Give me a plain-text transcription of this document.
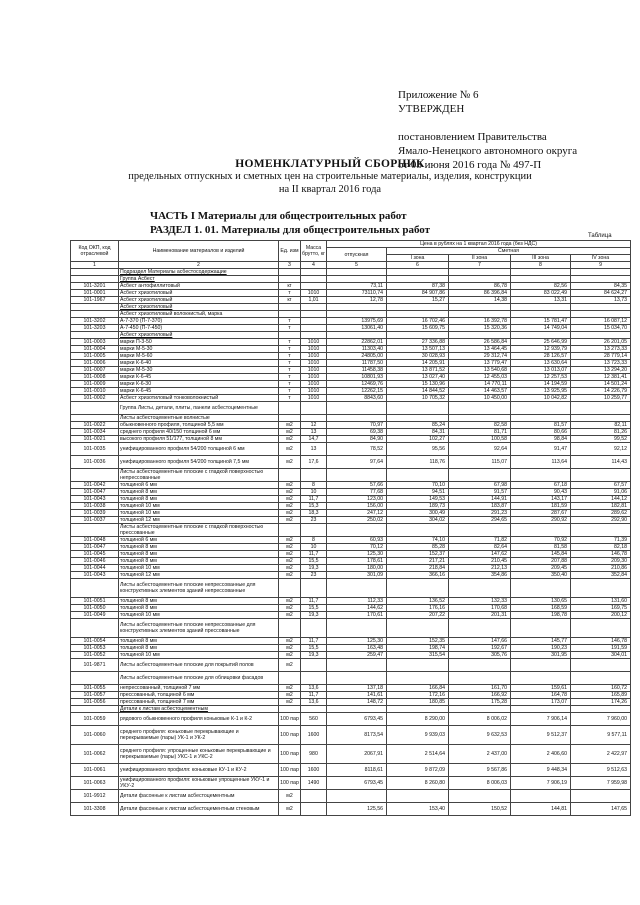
Приложение № 6
УТВЕРЖДЕН
постановлением Правительства
Ямало-Ненецкого автономного округа
от 03 июня 2016 года № 497-П
НОМЕНКЛАТУРНЫЙ СБОРНИК
предельных отпускных и сметных цен на строительные материалы, изделия, конструкции
на II квартал 2016 года
ЧАСТЬ I Материалы для общестроительных работ
РАЗДЕЛ 1. 01. Материалы для общестроительных работ	Таблица
Код ОКП, код отраслевой	Наименование материалов и изделий	Ед. изм	Масса брутто, кг	Цена в рублях на 1 квартал 2016 года (без НДС)				
				отпускная	Сметная			
					I зона	II зона	III зона	IV зона
1	2	3	4	5	6	7	8	9
	Подраздел Материалы асбестосодержащие							
	Группа Асбест							
101-3201	Асбест антофиллитовый	кг		73,11	87,38	86,78	82,56	84,35
101-0001	Асбест хризотиловый	т	1010	73110,74	84 907,86	86 396,84	83 022,49	84 624,27
101-1967	Асбест хризотиловый	кг	1,01	12,78	15,27	14,38	13,31	13,73
	Асбест хризотиловый							
	Асбест хризотиловый волокнистый, марка							
101-3202	А-7-370 (П-7-370)	т		13975,69	16 702,46	16 392,78	15 781,47	16 087,12
101-3203	А-7-450 (П-7-450)	т		13061,40	15 609,75	15 320,36	14 749,04	15 034,70
	Асбест хризотиловый							
101-0003	марки П-3-50	т	1010	22862,01	27 336,88	26 586,84	25 646,99	26 201,05
101-0004	марки М-5-30	т	1010	11303,40	13 507,13	13 464,45	12 939,79	13 273,33
101-0005	марки М-5-60	т	1010	24805,00	30 028,93	29 312,74	28 126,57	28 779,14
101-0006	марки К-6-40	т	1010	11787,50	14 205,91	13 779,47	13 630,64	13 723,33
101-0007	марки М-5-30	т	1010	11458,38	13 871,52	13 540,68	13 013,07	13 294,20
101-0008	марки К-6-45	т	1010	10801,93	13 027,40	12 455,03	12 257,53	12 381,41
101-0009	марки К-6-30	т	1010	12469,76	15 130,96	14 770,11	14 194,59	14 501,24
101-0010	марки К-6-45	т	1010	12262,15	14 844,52	14 463,57	13 925,95	14 226,79
101-0002	Асбест хризотиловый тонковолокнистый	т	1010	8843,60	10 705,32	10 450,00	10 042,82	10 259,77
	Группа Листы, детали, плиты, панели асбестоцементные							
	Листы асбестоцементные волнистые							
101-0022	обыкновенного профиля, толщиной 5,5 мм	м2	12	70,97	85,24	82,58	81,57	82,11
101-0034	среднего профиля 40/150 толщиной 6 мм	м2	13	69,38	84,31	81,71	80,66	81,26
101-0021	высокого профиля 51/177, толщиной 8 мм	м2	14,7	84,90	102,27	100,58	98,84	99,52
101-0035	унифицированного профиля 54/200 толщиной 6 мм	м2	13	78,52	95,56	92,64	91,47	92,12
101-0036	унифицированного профиля 54/200 толщиной 7,5 мм	м2	17,6	97,64	118,76	115,07	113,64	114,43
	Листы асбестоцементные плоские с гладкой поверхностью непрессованные							
101-0042	толщиной 6 мм	м2	8	57,66	70,10	67,98	67,18	67,57
101-0047	толщиной 8 мм	м2	10	77,68	94,51	91,57	90,43	91,06
101-0043	толщиной 8 мм	м2	11,7	123,00	149,53	144,91	143,17	144,12
101-0038	толщиной 10 мм	м2	15,3	156,00	189,73	183,87	181,59	182,81
101-0039	толщиной 10 мм	м2	18,3	247,12	300,49	291,23	287,67	289,62
101-0037	толщиной 12 мм	м2	23	250,02	304,02	294,65	290,92	292,90
	Листы асбестоцементные плоские с гладкой поверхностью прессованные							
101-0048	толщиной 6 мм	м2	8	60,93	74,10	71,82	70,92	71,39
101-0047	толщиной 8 мм	м2	10	70,12	85,28	82,64	81,58	82,18
101-0045	толщиной 8 мм	м2	11,7	125,30	152,37	147,62	145,84	146,78
101-0046	толщиной 8 мм	м2	15,5	178,61	217,21	210,45	207,88	209,30
101-0044	толщиной 10 мм	м2	19,3	180,00	218,84	212,13	209,45	210,86
101-0043	толщиной 12 мм	м2	23	301,09	366,16	354,86	350,40	352,84
	Листы асбестоцементные плоские непрессованные для конструктивных элементов зданий непрессованные							
101-0051	толщиной 8 мм	м2	11,7	112,33	136,52	132,33	130,65	131,60
101-0050	толщиной 8 мм	м2	15,5	144,62	176,16	170,68	168,59	169,75
101-0049	толщиной 10 мм	м2	19,3	170,61	207,22	201,31	198,78	200,12
	Листы асбестоцементные плоские непрессованные для конструктивных элементов зданий прессованные							
101-0054	толщиной 8 мм	м2	11,7	125,30	152,35	147,66	145,77	146,78
101-0053	толщиной 8 мм	м2	15,5	163,48	198,74	192,67	190,23	191,59
101-0052	толщиной 10 мм	м2	19,3	259,47	315,54	305,76	301,95	304,01
101-9871	Листы асбестоцементные плоские для покрытий полов	м2						
	Листы асбестоцементные плоские для облицовки фасадов							
101-0055	непрессованный, толщиной 7 мм	м2	13,6	137,18	166,84	161,70	159,61	160,72
101-0057	прессованный, толщиной 6 мм	м2	11,7	141,61	172,16	166,92	164,78	165,89
101-0056	прессованный, толщиной 7 мм	м2	13,6	148,72	180,85	175,28	173,07	174,26
	Детали к листам асбестоцементным							
101-0059	рядового обыкновенного профиля коньковые К-1 и К-2	100 пар	560	6793,45	8 290,00	8 006,02	7 906,14	7 960,00
101-0060	среднего профиля: коньковые перекрывающие и перекрываемые (пары) УК-1 и УК-2	100 пар	1600	8173,54	9 939,03	9 632,53	9 512,37	9 577,11
101-0062	среднего профиля: упрощенные коньковые перекрывающие и перекрываемые (пары) УКС-1 и УКС-2	100 пар	980	2067,91	2 514,64	2 437,00	2 406,60	2 422,97
101-0061	унифицированного профиля: коньковые КУ-1 и КУ-2	100 пар	1600	8118,61	9 872,09	9 567,86	9 448,34	9 512,63
101-0063	унифицированного профиля: коньковые упрощенные УКУ-1 и УКУ-2	100 пар	1490	6793,45	8 260,80	8 006,03	7 906,19	7 959,98
101-9912	Детали фасонные к листам асбестоцементным	м2						
101-3308	Детали фасонные к листам асбестоцементным стеновым	м2		125,56	153,40	150,52	144,81	147,65
